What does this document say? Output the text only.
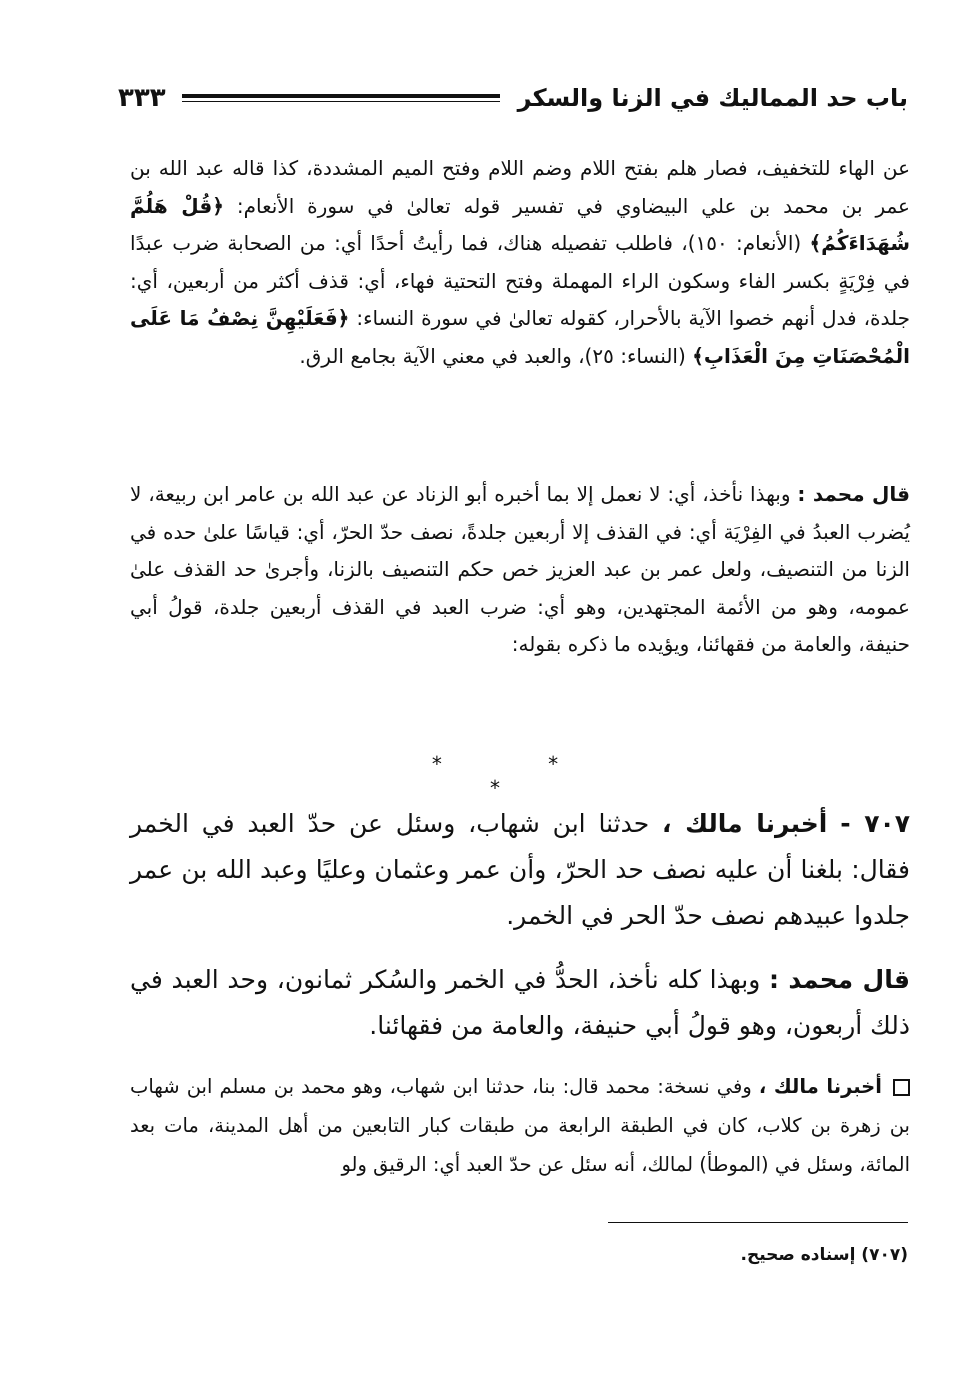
باب حد المماليك في الزنا والسكر
٣٣٣
عن الهاء للتخفيف، فصار هلم بفتح اللام وضم اللام وفتح الميم المشددة، كذا قاله عبد الله بن عمر بن محمد بن علي البيضاوي في تفسير قوله تعالىٰ في سورة الأنعام: ﴿قُلْ هَلُمَّ شُهَدَاءَكُمُ﴾ (الأنعام: ١٥٠)، فاطلب تفصيله هناك، فما رأيتُ أحدًا أي: من الصحابة ضرب عبدًا في فِرْيَةٍ بكسر الفاء وسكون الراء المهملة وفتح التحتية فهاء، أي: قذف أكثر من أربعين، أي: جلدة، فدل أنهم خصوا الآية بالأحرار، كقوله تعالىٰ في سورة النساء: ﴿فَعَلَيْهِنَّ نِصْفُ مَا عَلَى الْمُحْصَنَاتِ مِنَ الْعَذَابِ﴾ (النساء: ٢٥)، والعبد في معني الآية بجامع الرق.
قال محمد : وبهذا نأخذ، أي: لا نعمل إلا بما أخبره أبو الزناد عن عبد الله بن عامر ابن ربيعة، لا يُضرب العبدُ في الفِرْيَة أي: في القذف إلا أربعين جلدةً، نصف حدّ الحرّ، أي: قياسًا علىٰ حده في الزنا من التنصيف، ولعل عمر بن عبد العزيز خص حكم التنصيف بالزنا، وأجرىٰ حد القذف علىٰ عمومه، وهو من الأئمة المجتهدين، وهو أي: ضرب العبد في القذف أربعين جلدة، قولُ أبي حنيفة، والعامة من فقهائنا، ويؤيده ما ذكره بقوله:
* * *
٧٠٧ - أخبرنا مالك ، حدثنا ابن شهاب، وسئل عن حدّ العبد في الخمر فقال: بلغنا أن عليه نصف حد الحرّ، وأن عمر وعثمان وعليًا وعبد الله بن عمر جلدوا عبيدهم نصف حدّ الحر في الخمر.
قال محمد : وبهذا كله نأخذ، الحدُّ في الخمر والسُكر ثمانون، وحد العبد في ذلك أربعون، وهو قولُ أبي حنيفة، والعامة من فقهائنا.
أخبرنا مالك ، وفي نسخة: محمد قال: بنا، حدثنا ابن شهاب، وهو محمد بن مسلم ابن شهاب بن زهرة بن كلاب، كان في الطبقة الرابعة من طبقات كبار التابعين من أهل المدينة، مات بعد المائة، وسئل في (الموطأ) لمالك، أنه سئل عن حدّ العبد أي: الرقيق ولو
(٧٠٧) إسناده صحيح.
